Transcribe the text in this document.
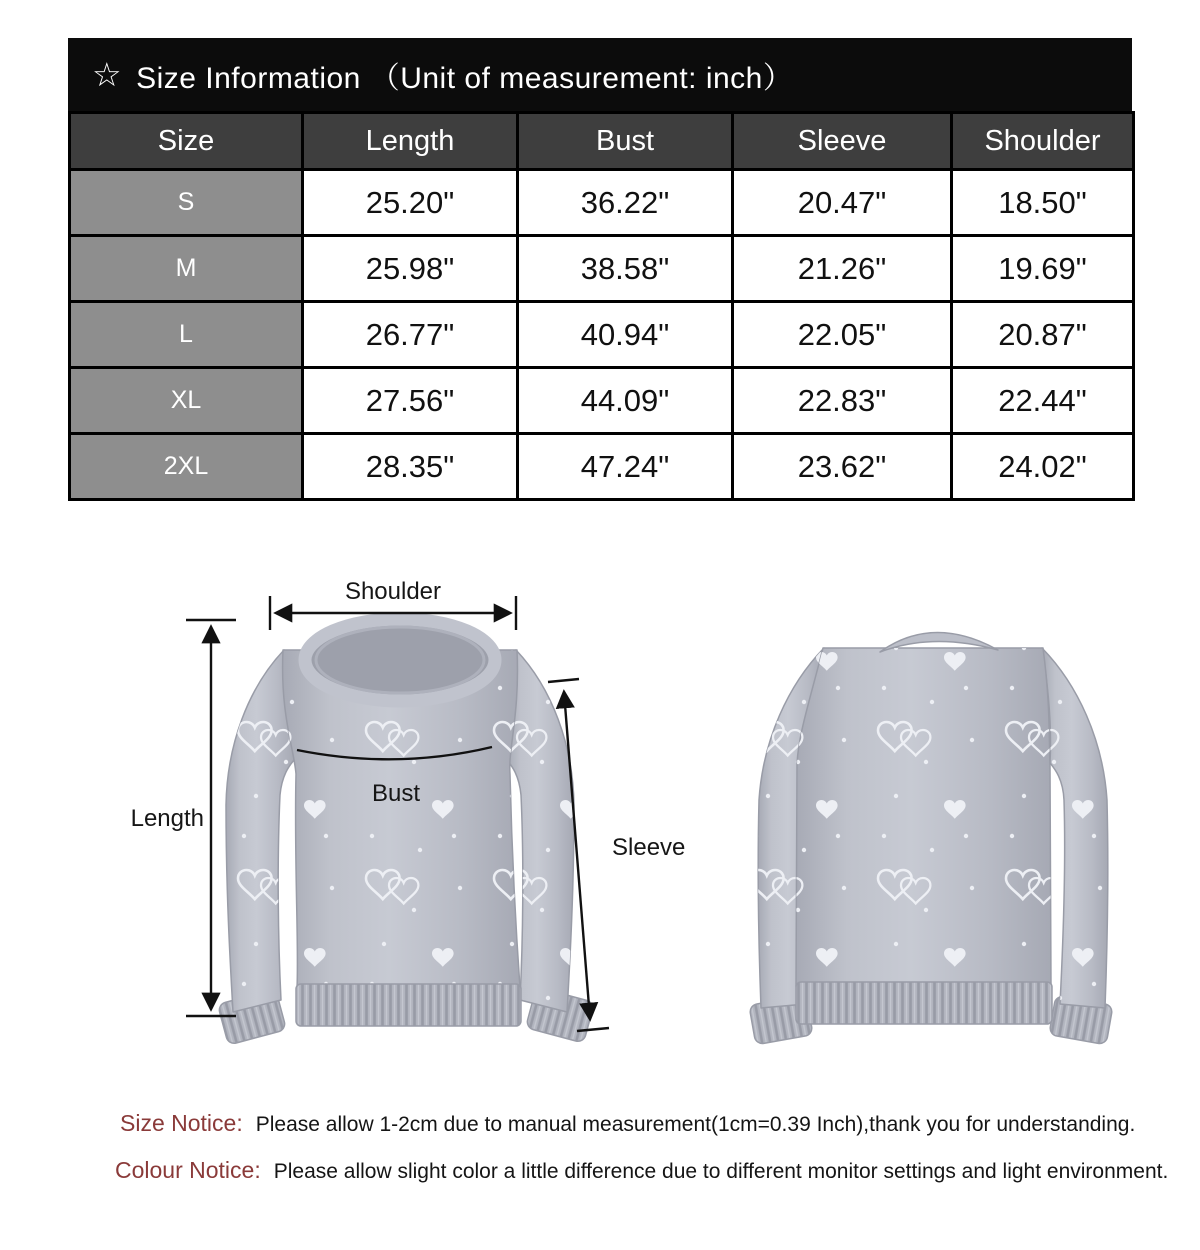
☆ Size Information （Unit of measurement: inch）
Size	Length	Bust	Sleeve	Shoulder
S	25.20"	36.22"	20.47"	18.50"
M	25.98"	38.58"	21.26"	19.69"
L	26.77"	40.94"	22.05"	20.87"
XL	27.56"	44.09"	22.83"	22.44"
2XL	28.35"	47.24"	23.62"	24.02"
Shoulder
Length
Bust
Sleeve
Size Notice: Please allow 1-2cm due to manual measurement(1cm=0.39 Inch),thank you for understanding.
Colour Notice: Please allow slight color a little difference due to different monitor settings and light environment.
